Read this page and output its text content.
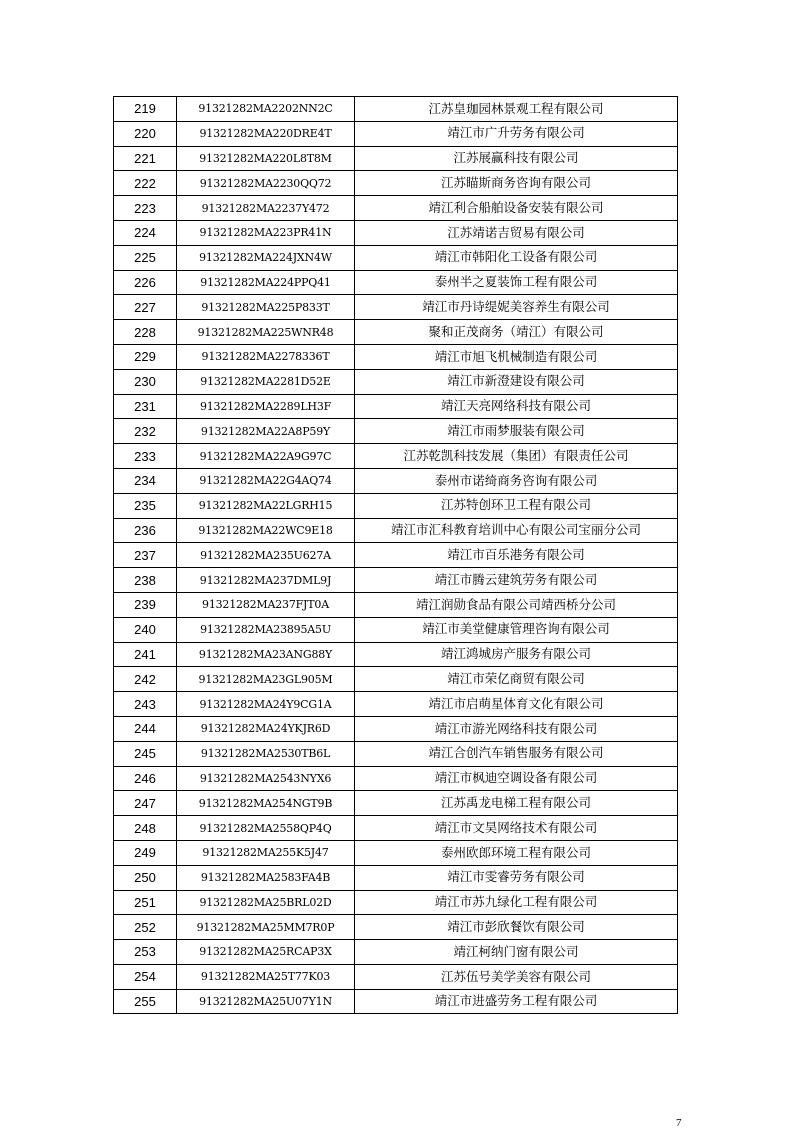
219	91321282MA2202NN2C	江苏皇珈园林景观工程有限公司
220	91321282MA220DRE4T	靖江市广升劳务有限公司
221	91321282MA220L8T8M	江苏展赢科技有限公司
222	91321282MA2230QQ72	江苏瞄斯商务咨询有限公司
223	91321282MA2237Y472	靖江利合船舶设备安装有限公司
224	91321282MA223PR41N	江苏靖诺吉贸易有限公司
225	91321282MA224JXN4W	靖江市韩阳化工设备有限公司
226	91321282MA224PPQ41	泰州半之夏装饰工程有限公司
227	91321282MA225P833T	靖江市丹诗缇妮美容养生有限公司
228	91321282MA225WNR48	聚和正茂商务（靖江）有限公司
229	91321282MA2278336T	靖江市旭飞机械制造有限公司
230	91321282MA2281D52E	靖江市新澄建设有限公司
231	91321282MA2289LH3F	靖江天亮网络科技有限公司
232	91321282MA22A8P59Y	靖江市雨梦服装有限公司
233	91321282MA22A9G97C	江苏乾凯科技发展（集团）有限责任公司
234	91321282MA22G4AQ74	泰州市诺绮商务咨询有限公司
235	91321282MA22LGRH15	江苏特创环卫工程有限公司
236	91321282MA22WC9E18	靖江市汇科教育培训中心有限公司宝丽分公司
237	91321282MA235U627A	靖江市百乐港务有限公司
238	91321282MA237DML9J	靖江市腾云建筑劳务有限公司
239	91321282MA237FJT0A	靖江润勋食品有限公司靖西桥分公司
240	91321282MA23895A5U	靖江市美堂健康管理咨询有限公司
241	91321282MA23ANG88Y	靖江鸿城房产服务有限公司
242	91321282MA23GL905M	靖江市荣亿商贸有限公司
243	91321282MA24Y9CG1A	靖江市启萌星体育文化有限公司
244	91321282MA24YKJR6D	靖江市游光网络科技有限公司
245	91321282MA2530TB6L	靖江合创汽车销售服务有限公司
246	91321282MA2543NYX6	靖江市枫迪空调设备有限公司
247	91321282MA254NGT9B	江苏禹龙电梯工程有限公司
248	91321282MA2558QP4Q	靖江市文昊网络技术有限公司
249	91321282MA255K5J47	泰州欧郎环境工程有限公司
250	91321282MA2583FA4B	靖江市雯睿劳务有限公司
251	91321282MA25BRL02D	靖江市苏九绿化工程有限公司
252	91321282MA25MM7R0P	靖江市彭欣餐饮有限公司
253	91321282MA25RCAP3X	靖江柯纳门窗有限公司
254	91321282MA25T77K03	江苏伍号美学美容有限公司
255	91321282MA25U07Y1N	靖江市进盛劳务工程有限公司
7
